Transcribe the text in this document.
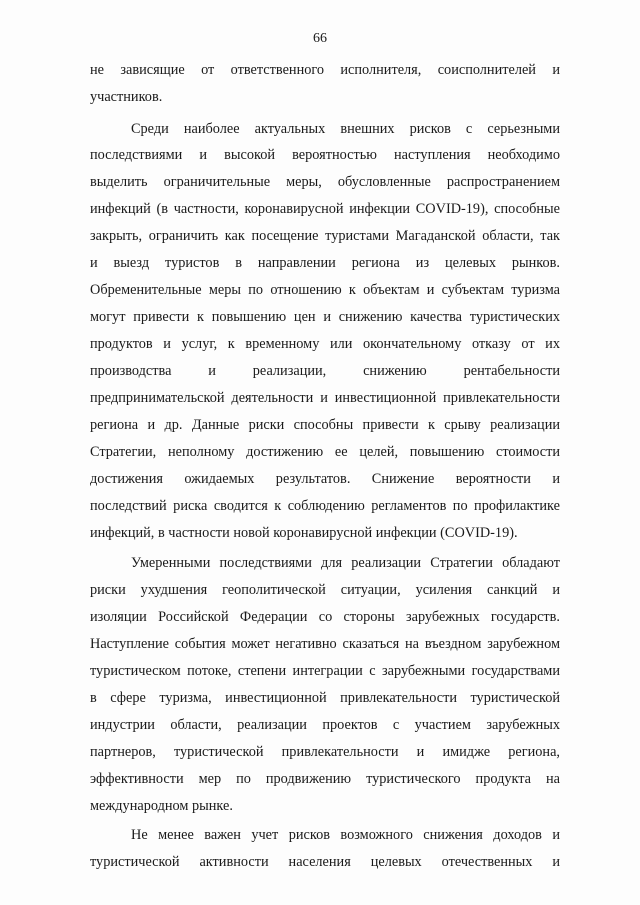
66
не зависящие от ответственного исполнителя, соисполнителей и
участников.
Среди наиболее актуальных внешних рисков с серьезными
последствиями и высокой вероятностью наступления необходимо
выделить ограничительные меры, обусловленные распространением
инфекций (в частности, коронавирусной инфекции COVID-19), способные
закрыть, ограничить как посещение туристами Магаданской области, так
и выезд туристов в направлении региона из целевых рынков.
Обременительные меры по отношению к объектам и субъектам туризма
могут привести к повышению цен и снижению качества туристических
продуктов и услуг, к временному или окончательному отказу от их
производства и реализации, снижению рентабельности
предпринимательской деятельности и инвестиционной привлекательности
региона и др. Данные риски способны привести к срыву реализации
Стратегии, неполному достижению ее целей, повышению стоимости
достижения ожидаемых результатов. Снижение вероятности и
последствий риска сводится к соблюдению регламентов по профилактике
инфекций, в частности новой коронавирусной инфекции (COVID-19).
Умеренными последствиями для реализации Стратегии обладают
риски ухудшения геополитической ситуации, усиления санкций и
изоляции Российской Федерации со стороны зарубежных государств.
Наступление события может негативно сказаться на въездном зарубежном
туристическом потоке, степени интеграции с зарубежными государствами
в сфере туризма, инвестиционной привлекательности туристической
индустрии области, реализации проектов с участием зарубежных
партнеров, туристической привлекательности и имидже региона,
эффективности мер по продвижению туристического продукта на
международном рынке.
Не менее важен учет рисков возможного снижения доходов и
туристической активности населения целевых отечественных и
